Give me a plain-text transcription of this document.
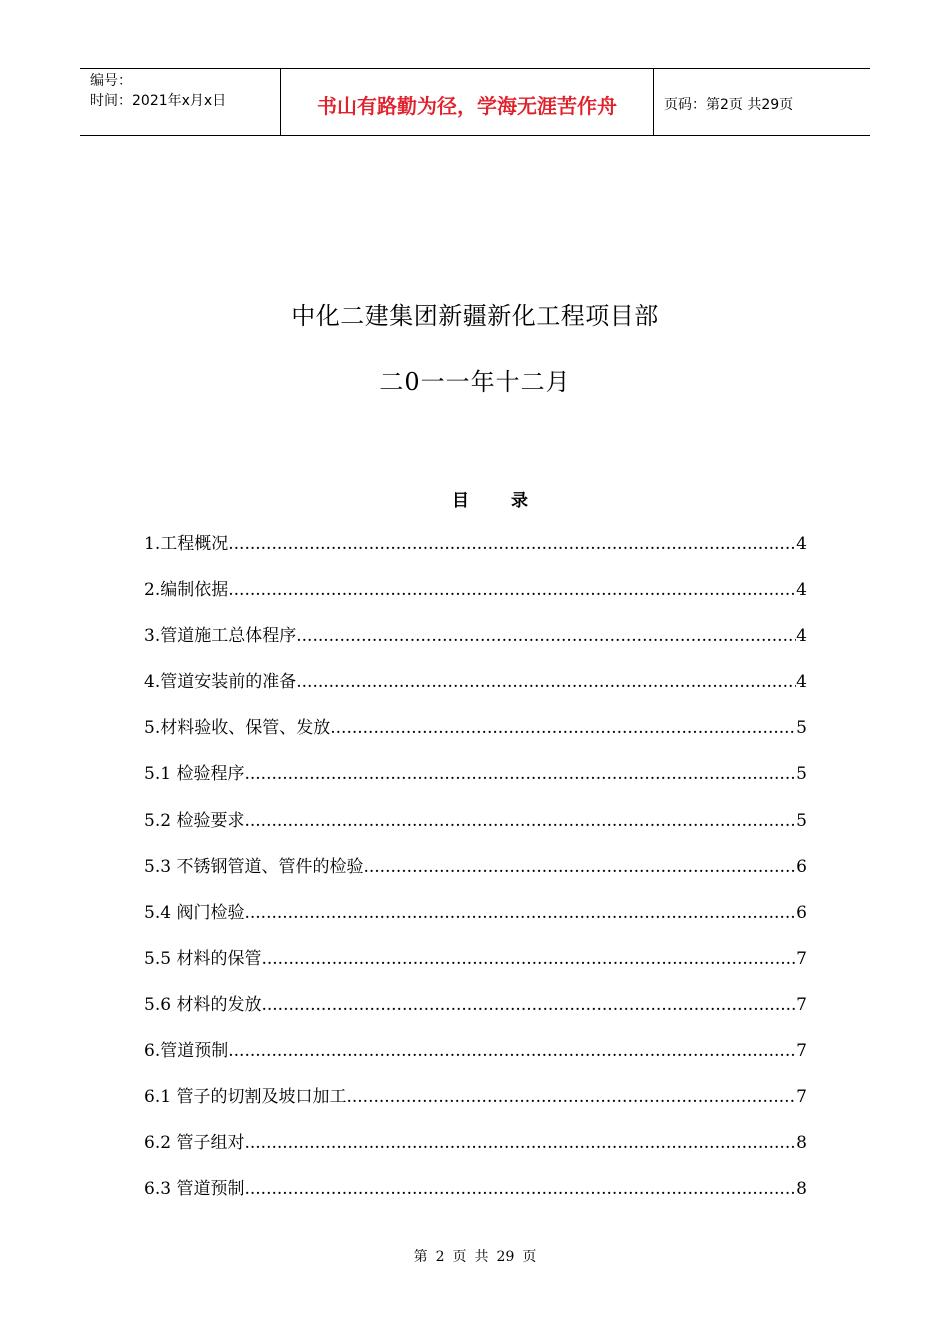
编号：
时间：2021年x月x日	书山有路勤为径，学海无涯苦作舟	页码：第2页 共29页
中化二建集团新疆新化工程项目部
二0一一年十二月
目 录
1.工程概况 .....	4
2.编制依据 .....	4
3.管道施工总体程序 .....	4
4.管道安装前的准备 .....	4
5.材料验收、保管、发放 .....	5
5.1 检验程序 .....	5
5.2 检验要求 .....	5
5.3 不锈钢管道、管件的检验 .....	6
5.4 阀门检验 .....	6
5.5 材料的保管 .....	7
5.6 材料的发放 .....	7
6.管道预制 .....	7
6.1 管子的切割及坡口加工 .....	7
6.2 管子组对 .....	8
6.3 管道预制 .....	8
第 2 页 共 29 页
